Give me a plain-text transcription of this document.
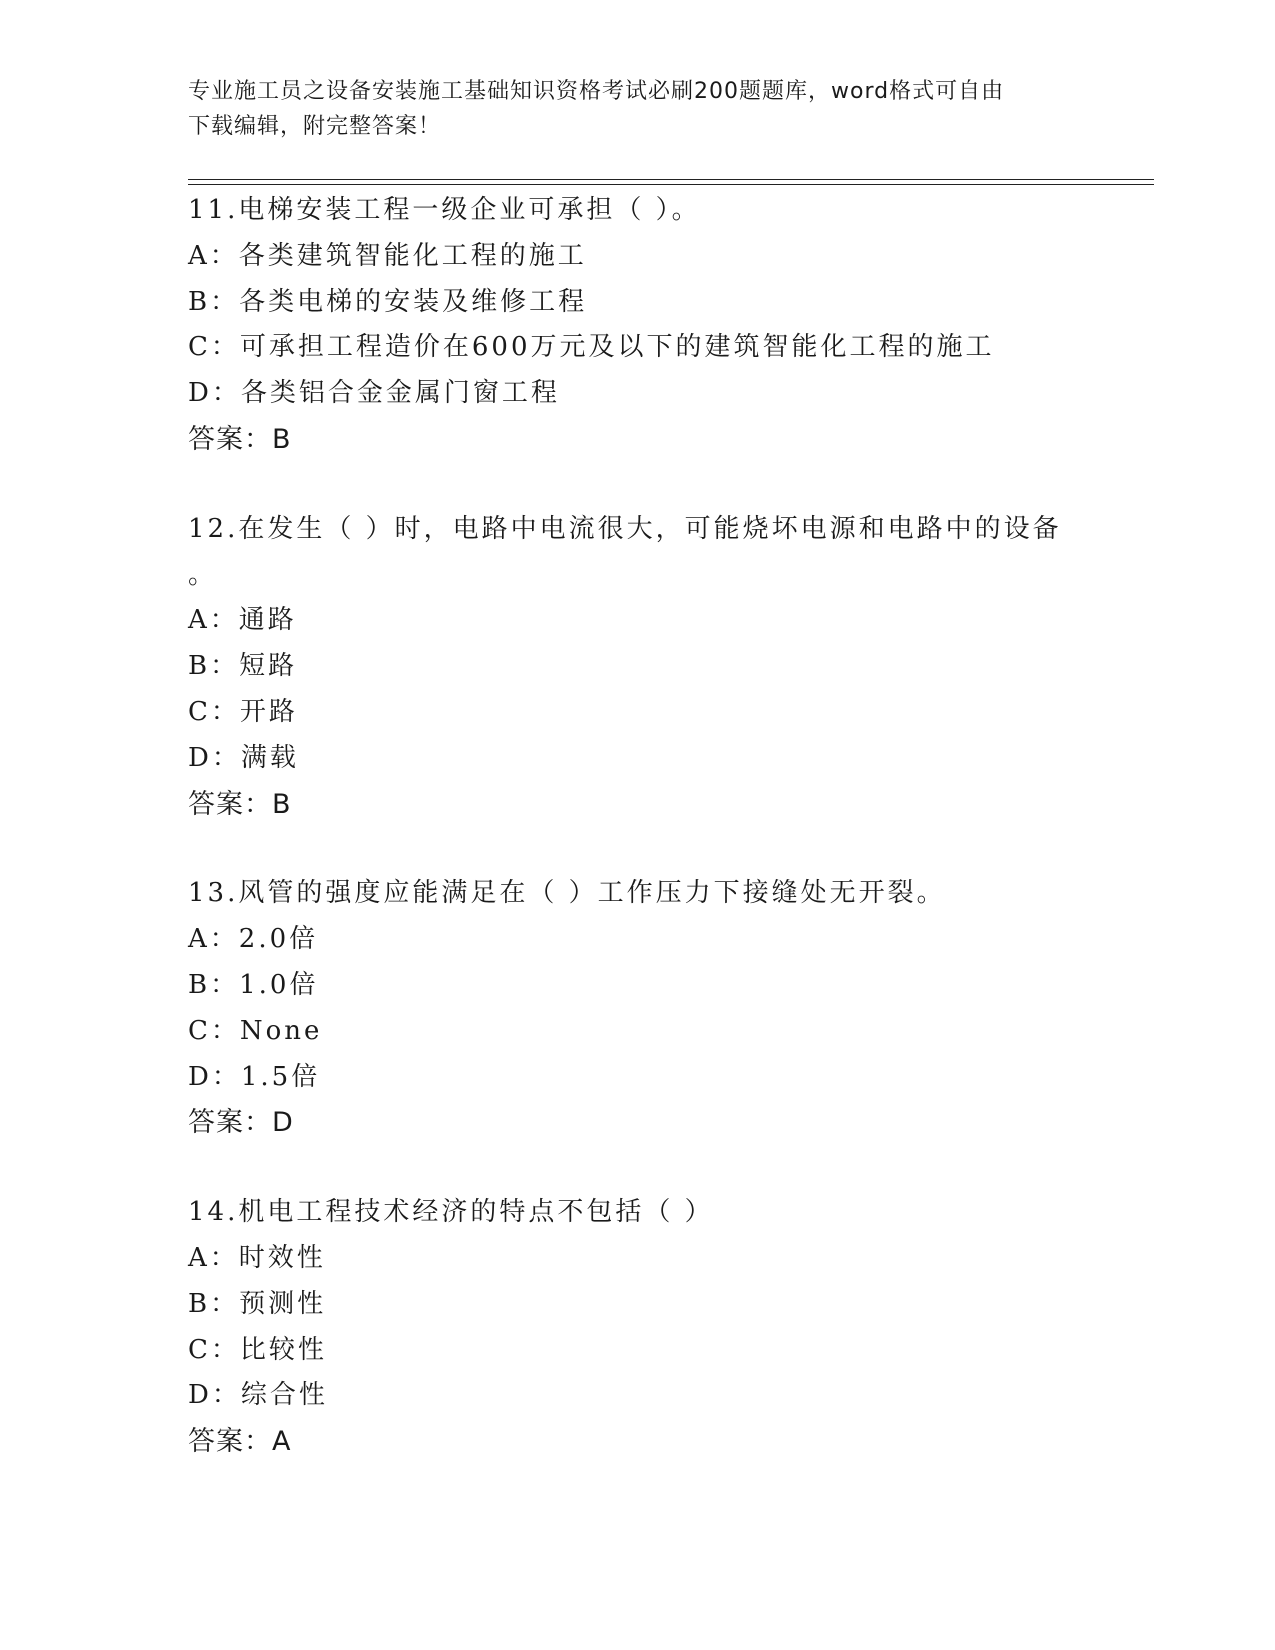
专业施工员之设备安装施工基础知识资格考试必刷200题题库，word格式可自由
下载编辑，附完整答案！
11.电梯安装工程一级企业可承担（ ）。
A：各类建筑智能化工程的施工
B：各类电梯的安装及维修工程
C：可承担工程造价在600万元及以下的建筑智能化工程的施工
D：各类铝合金金属门窗工程
答案：B
12.在发生（ ）时，电路中电流很大，可能烧坏电源和电路中的设备
。
A：通路
B：短路
C：开路
D：满载
答案：B
13.风管的强度应能满足在（ ）工作压力下接缝处无开裂。
A：2.0倍
B：1.0倍
C：None
D：1.5倍
答案：D
14.机电工程技术经济的特点不包括（ ）
A：时效性
B：预测性
C：比较性
D：综合性
答案：A
